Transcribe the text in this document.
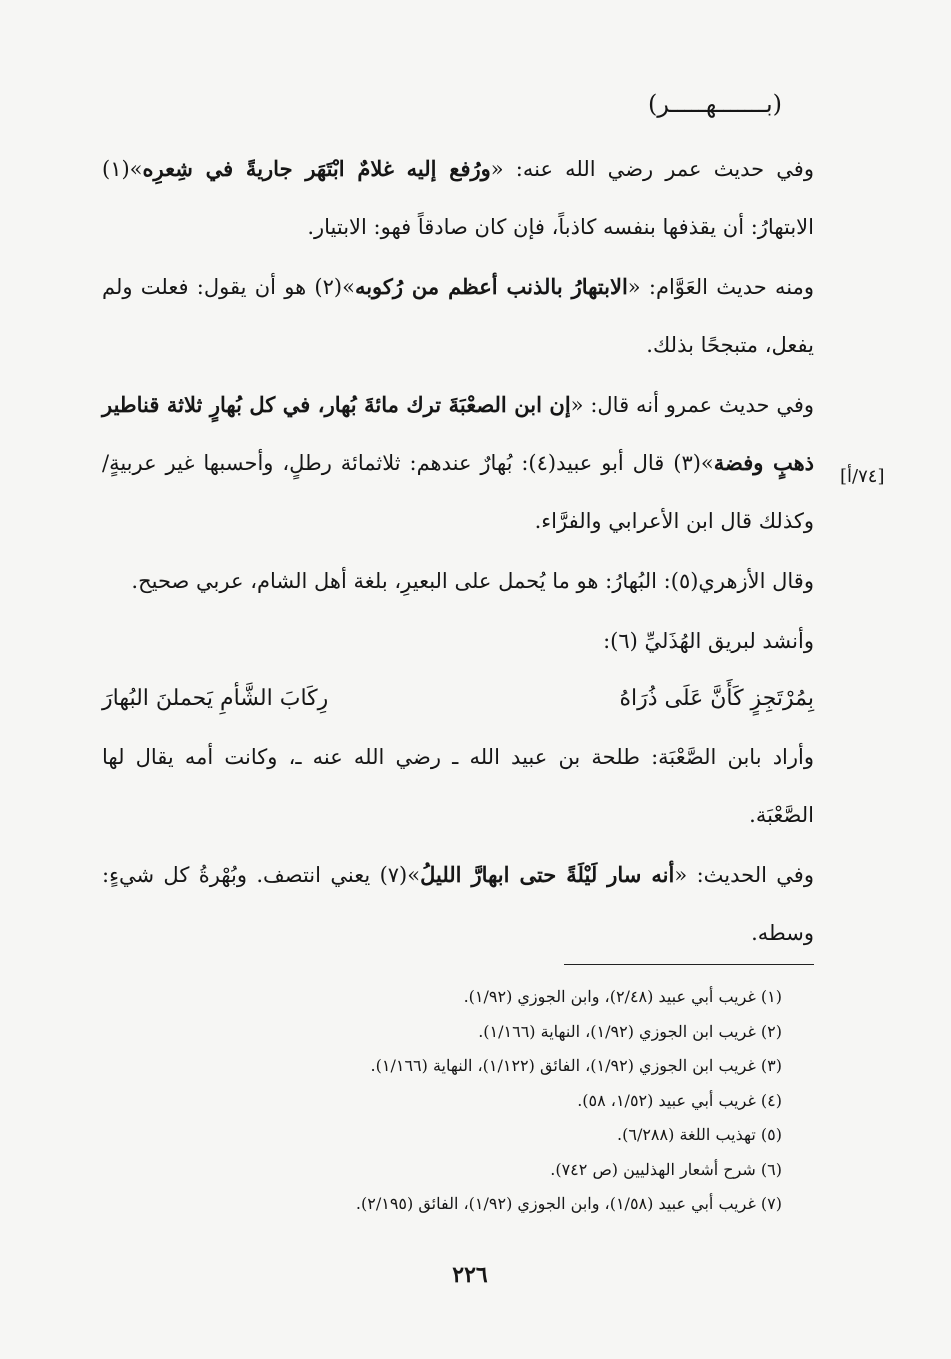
(بـــــــهـــــر)
[٧٤/أ]

وفي حديث عمر رضي الله عنه: «ورُفع إليه غلامٌ ابْتَهَر جاريةً في شِعرِه»(١) الابتهارُ: أن يقذفها بنفسه كاذباً، فإن كان صادقاً فهو: الابتيار.

ومنه حديث العَوَّام: «الابتهارُ بالذنب أعظم من رُكوبه»(٢) هو أن يقول: فعلت ولم يفعل، متبجحًا بذلك.

وفي حديث عمرو أنه قال: «إن ابن الصعْبَةَ ترك مائةَ بُهار، في كل بُهارٍ ثلاثة قناطير ذهبٍ وفضة»(٣) قال أبو عبيد(٤): بُهارٌ عندهم: ثلاثمائة رطلٍ، وأحسبها غير عربيةٍ/ وكذلك قال ابن الأعرابي والفرَّاء.

وقال الأزهري(٥): البُهارُ: هو ما يُحمل على البعيرِ، بلغة أهل الشام، عربي صحيح.

وأنشد لبريق الهُذَليِّ (٦):

بِمُرْتَجِزٍ كَأَنَّ عَلَى ذُرَاهُ
رِكَابَ الشَّأمِ يَحملنَ البُهارَ

وأراد بابن الصَّعْبَة: طلحة بن عبيد الله ـ رضي الله عنه ـ، وكانت أمه يقال لها الصَّعْبَة.

وفي الحديث: «أنه سار لَيْلَةً حتى ابهارَّ الليلُ»(٧) يعني انتصف. وبُهْرةُ كل شيءٍ: وسطه.

(١) غريب أبي عبيد (٢/٤٨)، وابن الجوزي (١/٩٢).

(٢) غريب ابن الجوزي (١/٩٢)، النهاية (١/١٦٦).

(٣) غريب ابن الجوزي (١/٩٢)، الفائق (١/١٢٢)، النهاية (١/١٦٦).

(٤) غريب أبي عبيد (١/٥٢، ٥٨).

(٥) تهذيب اللغة (٦/٢٨٨).

(٦) شرح أشعار الهذليين (ص ٧٤٢).

(٧) غريب أبي عبيد (١/٥٨)، وابن الجوزي (١/٩٢)، الفائق (٢/١٩٥).

٢٢٦
